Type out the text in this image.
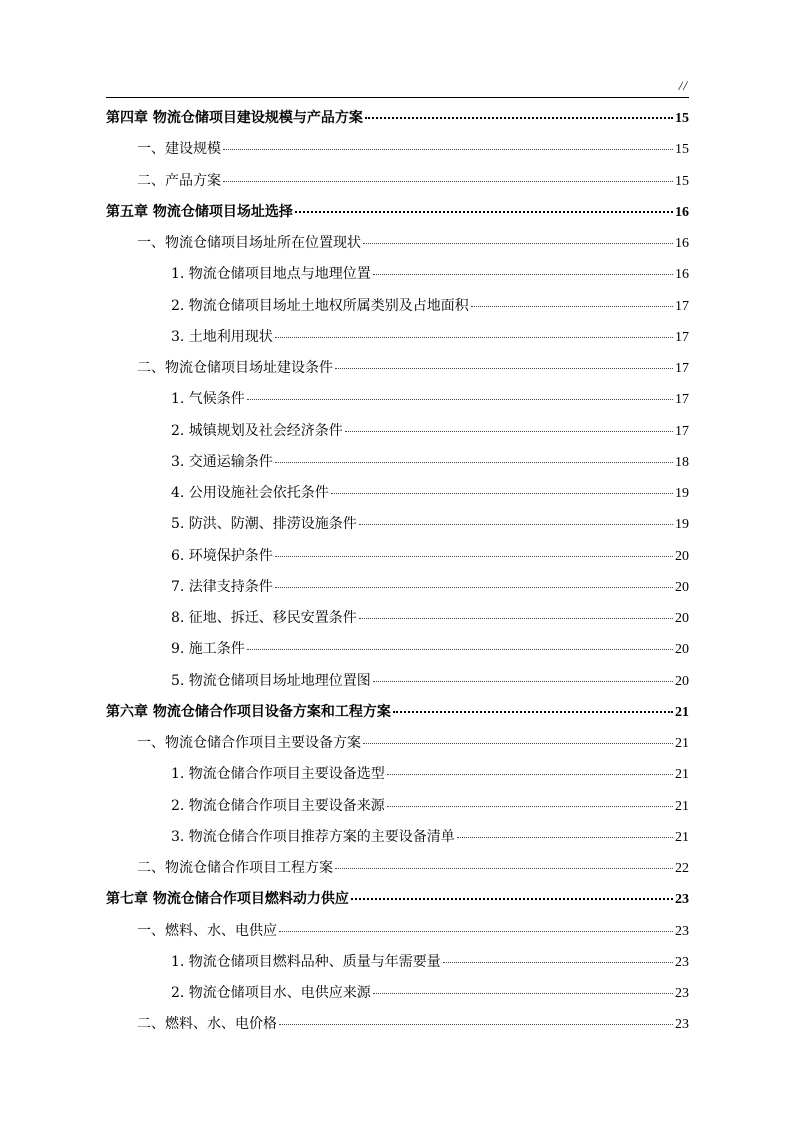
//
第四章 物流仓储项目建设规模与产品方案	15
一、建设规模	15
二、产品方案	15
第五章 物流仓储项目场址选择	16
一、物流仓储项目场址所在位置现状	16
1. 物流仓储项目地点与地理位置	16
2. 物流仓储项目场址土地权所属类别及占地面积	17
3. 土地利用现状	17
二、物流仓储项目场址建设条件	17
1. 气候条件	17
2. 城镇规划及社会经济条件	17
3. 交通运输条件	18
4. 公用设施社会依托条件	19
5. 防洪、防潮、排涝设施条件	19
6. 环境保护条件	20
7. 法律支持条件	20
8. 征地、拆迁、移民安置条件	20
9. 施工条件	20
5. 物流仓储项目场址地理位置图	20
第六章 物流仓储合作项目设备方案和工程方案	21
一、物流仓储合作项目主要设备方案	21
1. 物流仓储合作项目主要设备选型	21
2. 物流仓储合作项目主要设备来源	21
3. 物流仓储合作项目推荐方案的主要设备清单	21
二、物流仓储合作项目工程方案	22
第七章 物流仓储合作项目燃料动力供应	23
一、燃料、水、电供应	23
1. 物流仓储项目燃料品种、质量与年需要量	23
2. 物流仓储项目水、电供应来源	23
二、燃料、水、电价格	23
